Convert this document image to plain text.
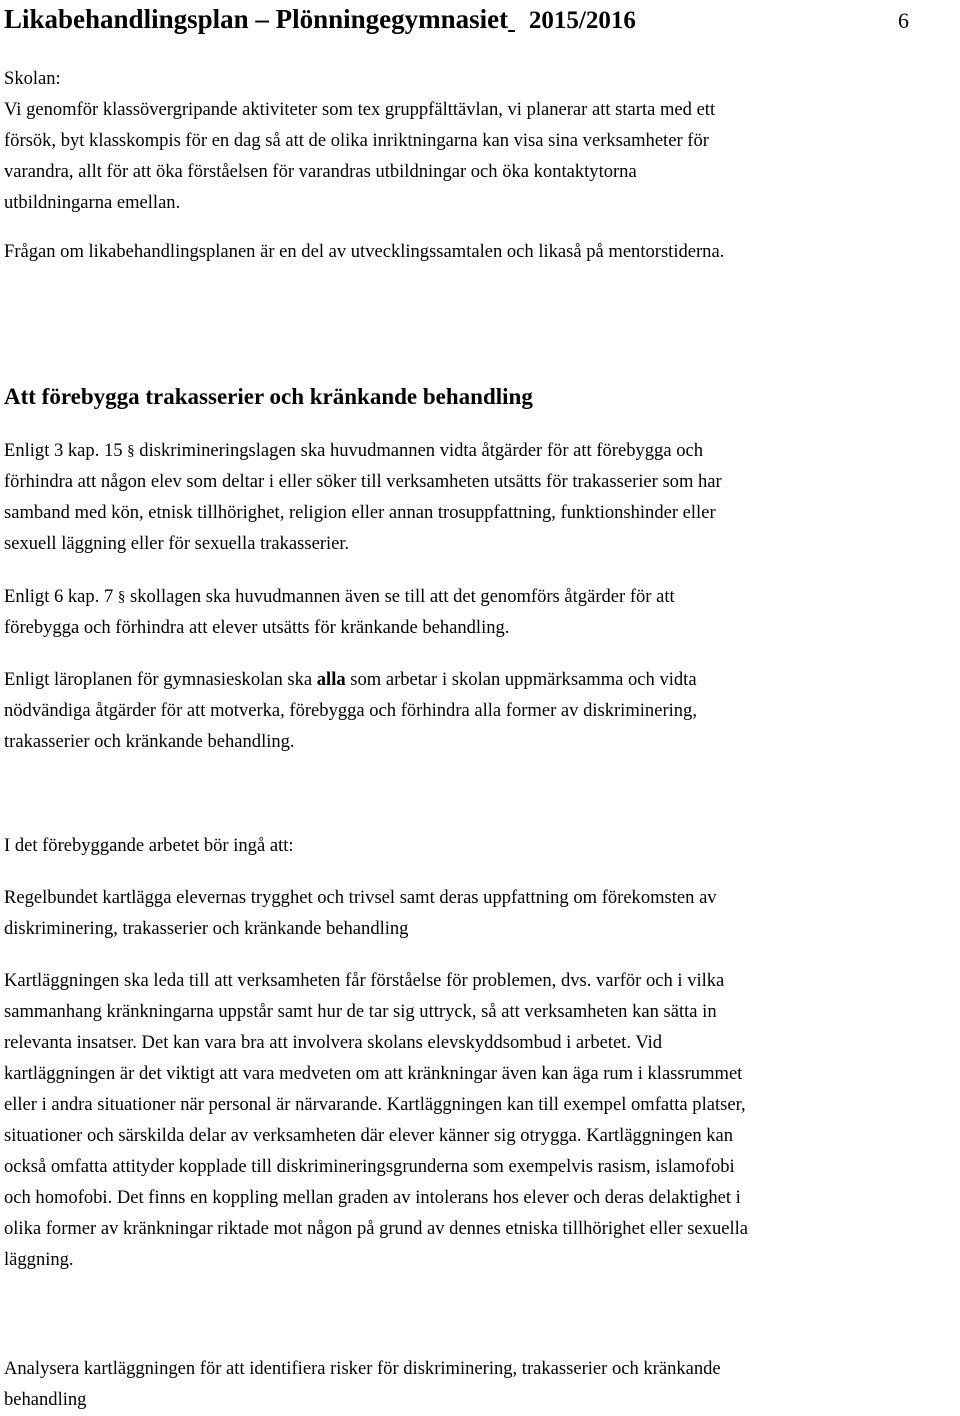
Likabehandlingsplan – Plönningegymnasiet 2015/2016	6
Skolan:
Vi genomför klassövergripande aktiviteter som tex gruppfälttävlan, vi planerar att starta med ett
försök, byt klasskompis för en dag så att de olika inriktningarna kan visa sina verksamheter för
varandra, allt för att öka förståelsen för varandras utbildningar och öka kontaktytorna
utbildningarna emellan.
Frågan om likabehandlingsplanen är en del av utvecklingssamtalen och likaså på mentorstiderna.
Att förebygga trakasserier och kränkande behandling
Enligt 3 kap. 15 § diskrimineringslagen ska huvudmannen vidta åtgärder för att förebygga och
förhindra att någon elev som deltar i eller söker till verksamheten utsätts för trakasserier som har
samband med kön, etnisk tillhörighet, religion eller annan trosuppfattning, funktionshinder eller
sexuell läggning eller för sexuella trakasserier.
Enligt 6 kap. 7 § skollagen ska huvudmannen även se till att det genomförs åtgärder för att
förebygga och förhindra att elever utsätts för kränkande behandling.
Enligt läroplanen för gymnasieskolan ska alla som arbetar i skolan uppmärksamma och vidta
nödvändiga åtgärder för att motverka, förebygga och förhindra alla former av diskriminering,
trakasserier och kränkande behandling.
I det förebyggande arbetet bör ingå att:
Regelbundet kartlägga elevernas trygghet och trivsel samt deras uppfattning om förekomsten av
diskriminering, trakasserier och kränkande behandling
Kartläggningen ska leda till att verksamheten får förståelse för problemen, dvs. varför och i vilka
sammanhang kränkningarna uppstår samt hur de tar sig uttryck, så att verksamheten kan sätta in
relevanta insatser. Det kan vara bra att involvera skolans elevskyddsombud i arbetet. Vid
kartläggningen är det viktigt att vara medveten om att kränkningar även kan äga rum i klassrummet
eller i andra situationer när personal är närvarande. Kartläggningen kan till exempel omfatta platser,
situationer och särskilda delar av verksamheten där elever känner sig otrygga. Kartläggningen kan
också omfatta attityder kopplade till diskrimineringsgrunderna som exempelvis rasism, islamofobi
och homofobi. Det finns en koppling mellan graden av intolerans hos elever och deras delaktighet i
olika former av kränkningar riktade mot någon på grund av dennes etniska tillhörighet eller sexuella
läggning.
Analysera kartläggningen för att identifiera risker för diskriminering, trakasserier och kränkande
behandling
